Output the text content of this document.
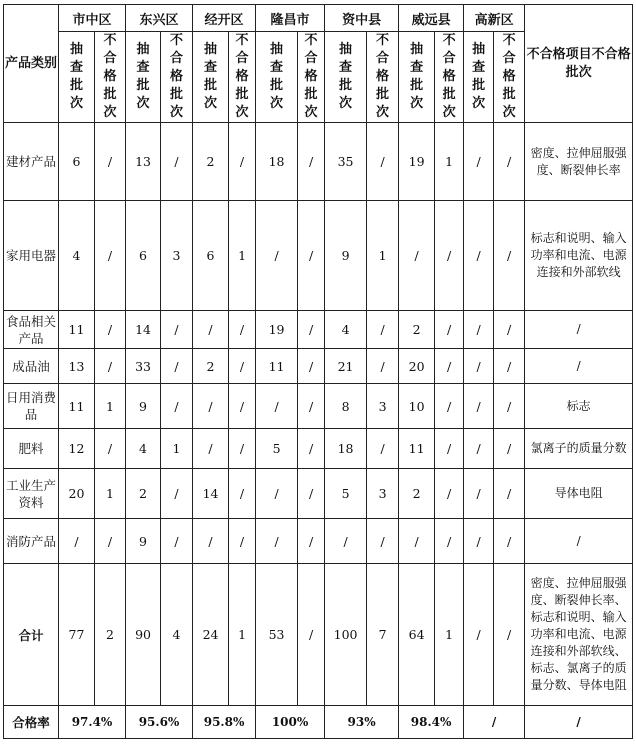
产品类别	市中区		东兴区		经开区		隆昌市		资中县		威远县		高新区		不合格项目不合格批次
	抽查批次	不合格批次	抽查批次	不合格批次	抽查批次	不合格批次	抽查批次	不合格批次	抽查批次	不合格批次	抽查批次	不合格批次	抽查批次	不合格批次	
建材产品	6	/	13	/	2	/	18	/	35	/	19	1	/	/	密度、拉伸屈服强度、断裂伸长率
家用电器	4	/	6	3	6	1	/	/	9	1	/	/	/	/	标志和说明、输入功率和电流、电源连接和外部软线
食品相关产品	11	/	14	/	/	/	19	/	4	/	2	/	/	/	/
成品油	13	/	33	/	2	/	11	/	21	/	20	/	/	/	/
日用消费品	11	1	9	/	/	/	/	/	8	3	10	/	/	/	标志
肥料	12	/	4	1	/	/	5	/	18	/	11	/	/	/	氯离子的质量分数
工业生产资料	20	1	2	/	14	/	/	/	5	3	2	/	/	/	导体电阻
消防产品	/	/	9	/	/	/	/	/	/	/	/	/	/	/	/
合计	77	2	90	4	24	1	53	/	100	7	64	1	/	/	密度、拉伸屈服强度、断裂伸长率、标志和说明、输入功率和电流、电源连接和外部软线、标志、氯离子的质量分数、导体电阻
合格率	97.4%		95.6%		95.8%		100%		93%		98.4%		/		/
